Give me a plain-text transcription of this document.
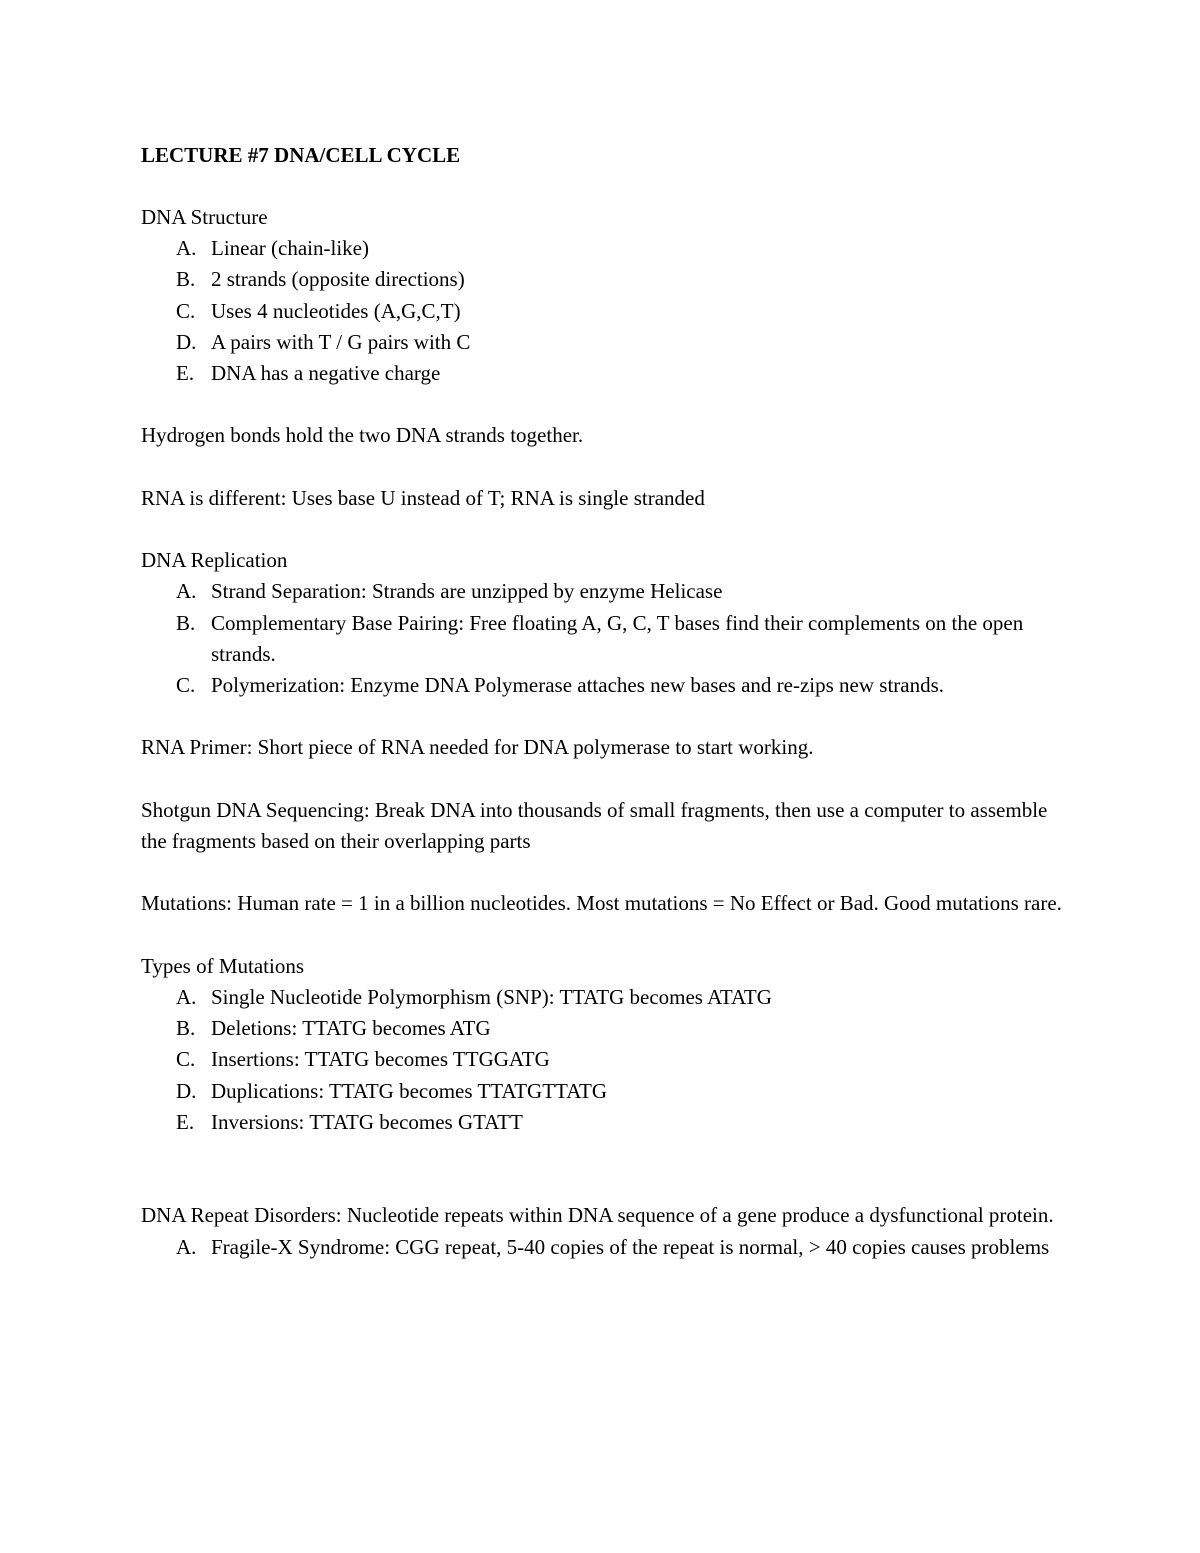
LECTURE #7 DNA/CELL CYCLE

DNA Structure

A. Linear (chain-like)
B. 2 strands (opposite directions)
C. Uses 4 nucleotides (A,G,C,T)
D. A pairs with T / G pairs with C
E. DNA has a negative charge

Hydrogen bonds hold the two DNA strands together.

RNA is different: Uses base U instead of T; RNA is single stranded

DNA Replication

A. Strand Separation: Strands are unzipped by enzyme Helicase
B. Complementary Base Pairing: Free floating A, G, C, T bases find their complements on the open strands.
C. Polymerization: Enzyme DNA Polymerase attaches new bases and re-zips new strands.

RNA Primer: Short piece of RNA needed for DNA polymerase to start working.

Shotgun DNA Sequencing: Break DNA into thousands of small fragments, then use a computer to assemble the fragments based on their overlapping parts

Mutations: Human rate = 1 in a billion nucleotides. Most mutations = No Effect or Bad. Good mutations rare.

Types of Mutations

A. Single Nucleotide Polymorphism (SNP): TTATG becomes ATATG
B. Deletions: TTATG becomes ATG
C. Insertions: TTATG becomes TTGGATG
D. Duplications: TTATG becomes TTATGTTATG
E. Inversions: TTATG becomes GTATT

DNA Repeat Disorders: Nucleotide repeats within DNA sequence of a gene produce a dysfunctional protein.

A. Fragile-X Syndrome: CGG repeat, 5-40 copies of the repeat is normal, > 40 copies causes problems
